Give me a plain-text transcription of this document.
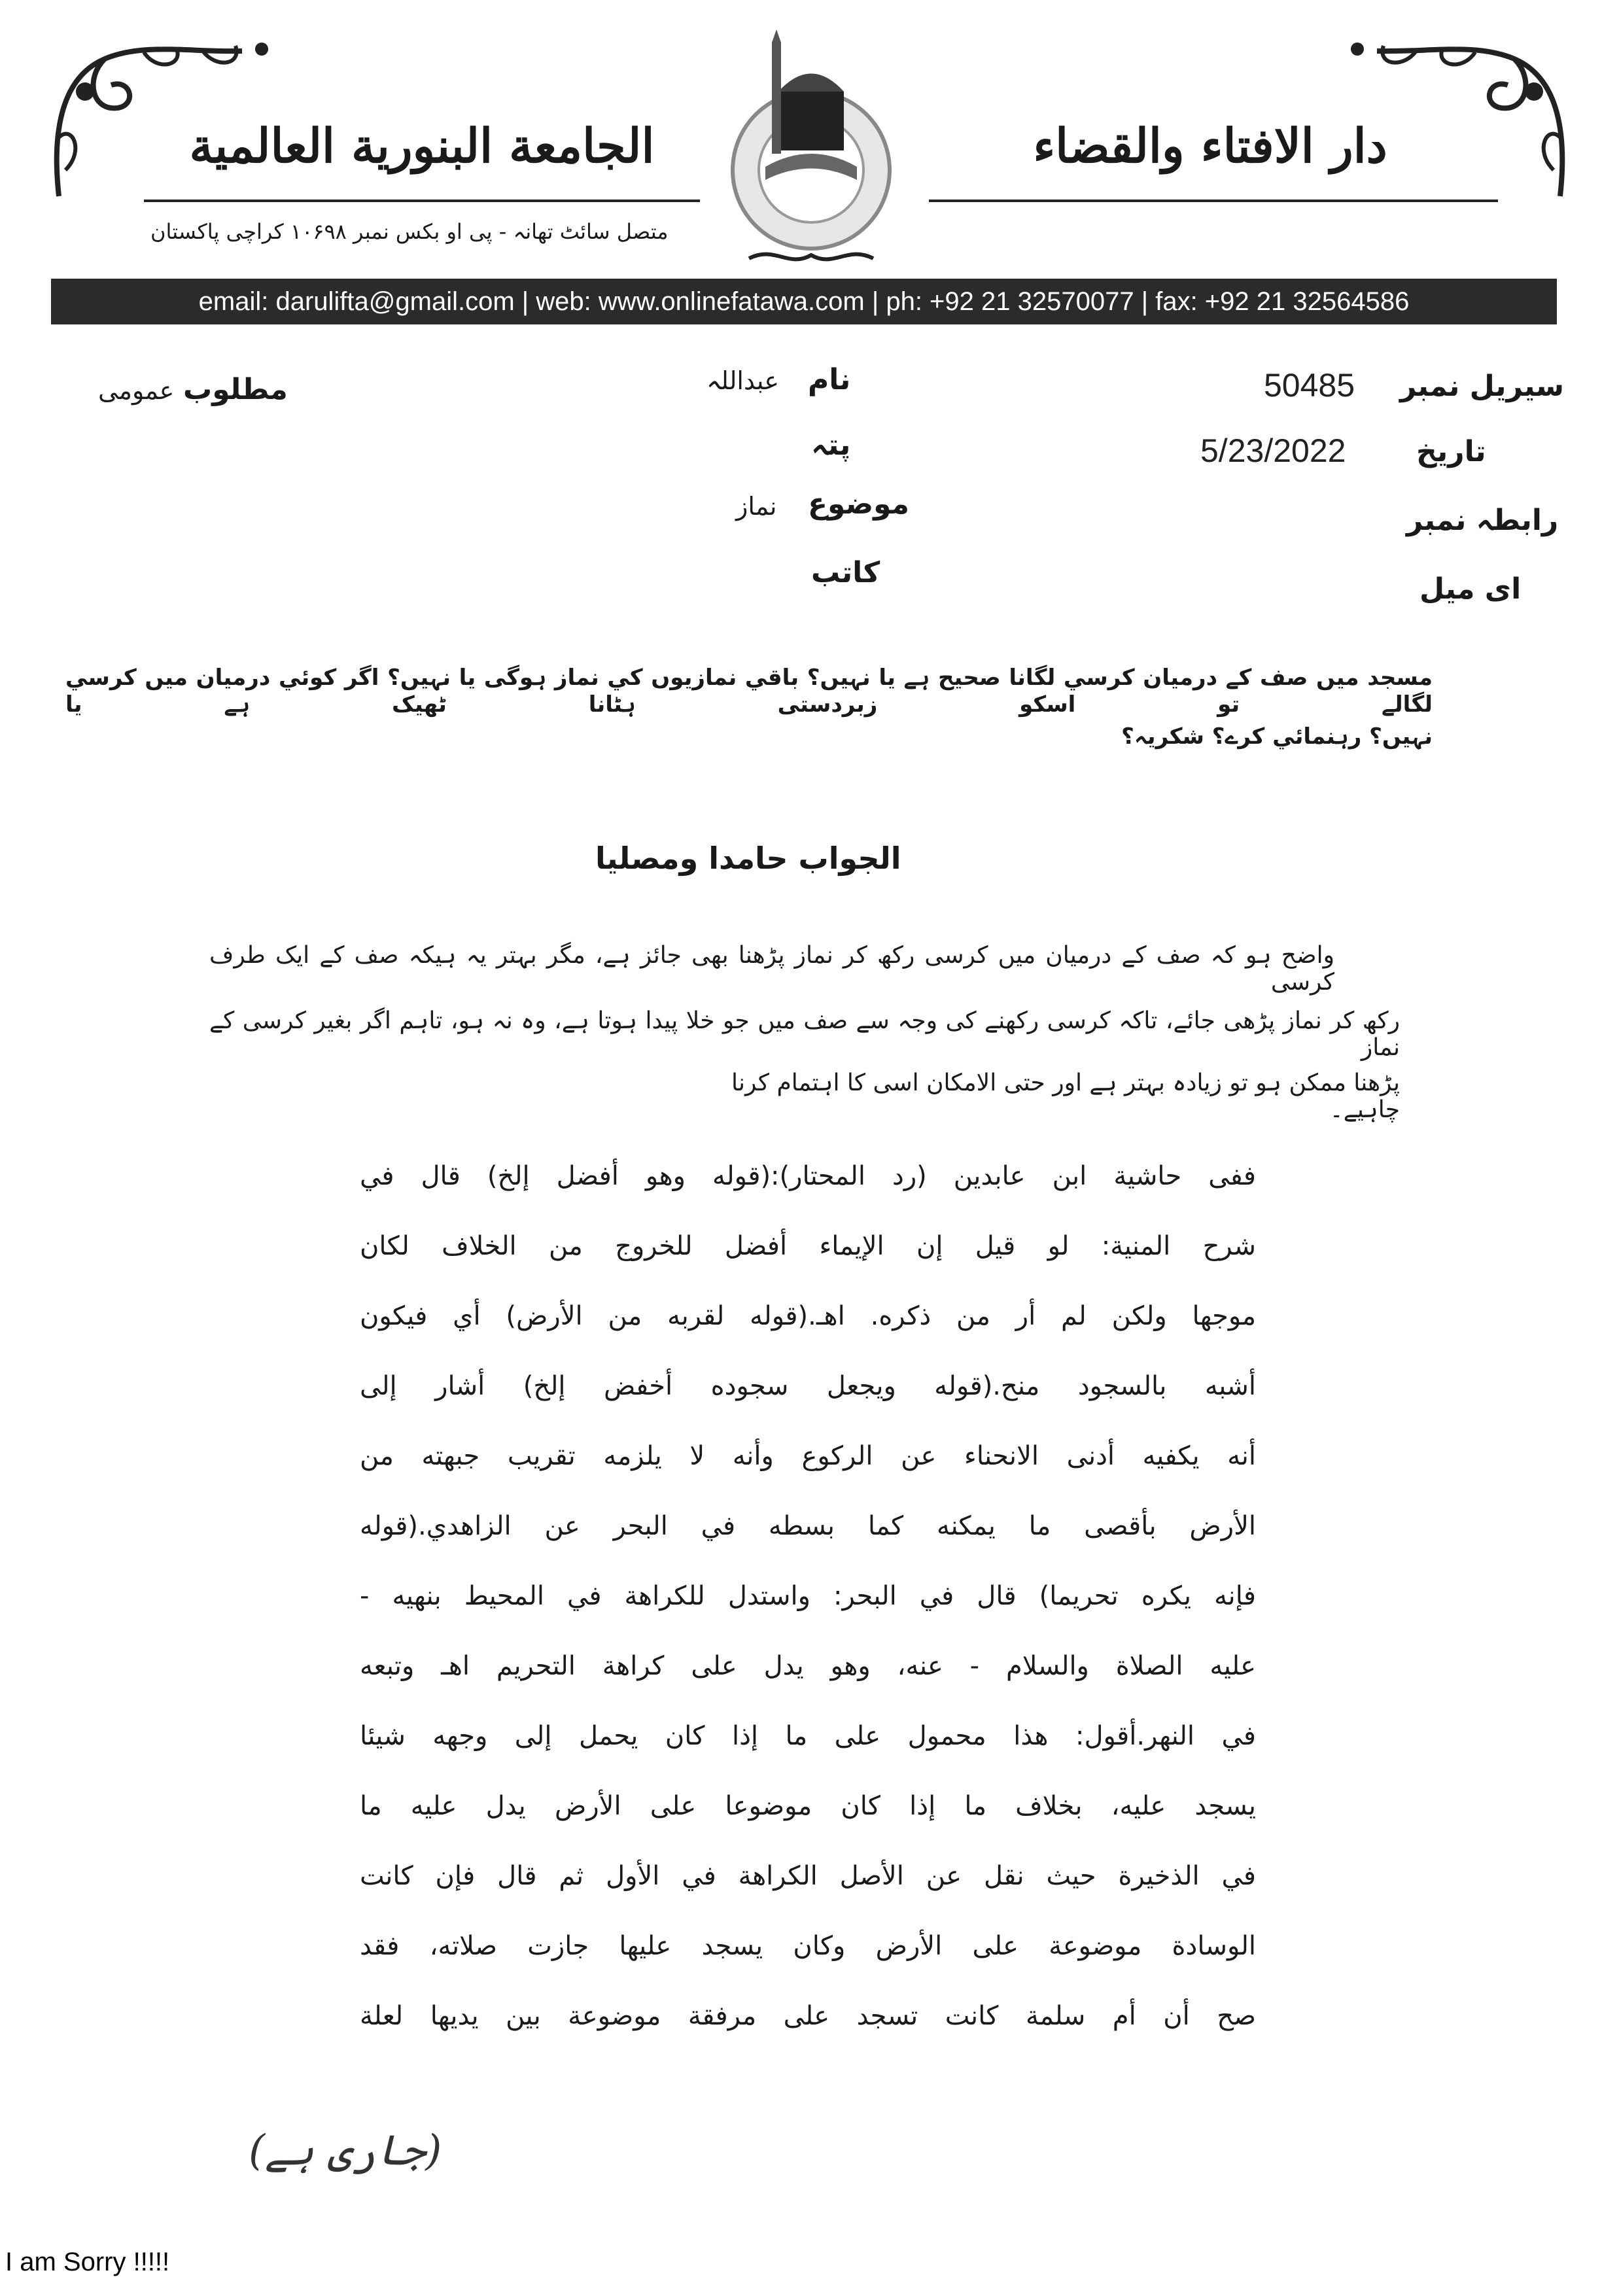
الجامعة البنورية العالمية	دار الافتاء والقضاء
متصل سائٹ تھانہ - پی او بکس نمبر ۱۰۶۹۸ کراچی پاکستان
email: darulifta@gmail.com | web: www.onlinefatawa.com | ph: +92 21 32570077 | fax: +92 21 32564586
سیریل نمبر
50485
تاریخ
5/23/2022
رابطہ نمبر
ای میل
نام
عبداللہ
پتہ
موضوع
نماز
کاتب
مطلوب
عمومی
مسجد میں صف کے درمیان کرسي لگانا صحیح ہے یا نہیں؟ باقي نمازیوں کي نماز ہوگی یا نہیں؟ اگر کوئي درمیان میں کرسي لگالے تو اسکو زبردستی ہٹانا ٹھیک ہے یا
نہیں؟ رہنمائي کرے؟ شکریہ؟
الجواب حامدا ومصليا
واضح ہو کہ صف کے درمیان میں کرسی رکھ کر نماز پڑھنا بھی جائز ہے، مگر بہتر یہ ہیکہ صف کے ایک طرف کرسی
رکھ کر نماز پڑھی جائے، تاکہ کرسی رکھنے کی وجہ سے صف میں جو خلا پیدا ہوتا ہے، وہ نہ ہو، تاہم اگر بغیر کرسی کے نماز
پڑھنا ممکن ہو تو زیادہ بہتر ہے اور حتی الامکان اسی کا اہتمام کرنا چاہیے۔
ففى حاشية ابن عابدين (رد المحتار):(قوله وهو أفضل إلخ) قال في
شرح المنية: لو قيل إن الإيماء أفضل للخروج من الخلاف لكان
موجها ولكن لم أر من ذكره. اهـ.(قوله لقربه من الأرض) أي فيكون
أشبه بالسجود منح.(قوله ويجعل سجوده أخفض إلخ) أشار إلى
أنه يكفيه أدنى الانحناء عن الركوع وأنه لا يلزمه تقريب جبهته من
الأرض بأقصى ما يمكنه كما بسطه في البحر عن الزاهدي.(قوله
فإنه يكره تحريما) قال في البحر: واستدل للكراهة في المحيط بنهيه -
عليه الصلاة والسلام - عنه، وهو يدل على كراهة التحريم اهـ وتبعه
في النهر.أقول: هذا محمول على ما إذا كان يحمل إلى وجهه شيئا
يسجد عليه، بخلاف ما إذا كان موضوعا على الأرض يدل عليه ما
في الذخيرة حيث نقل عن الأصل الكراهة في الأول ثم قال فإن كانت
الوسادة موضوعة على الأرض وكان يسجد عليها جازت صلاته، فقد
صح أن أم سلمة كانت تسجد على مرفقة موضوعة بين يديها لعلة
(جاری ہے)
I am Sorry !!!!!
